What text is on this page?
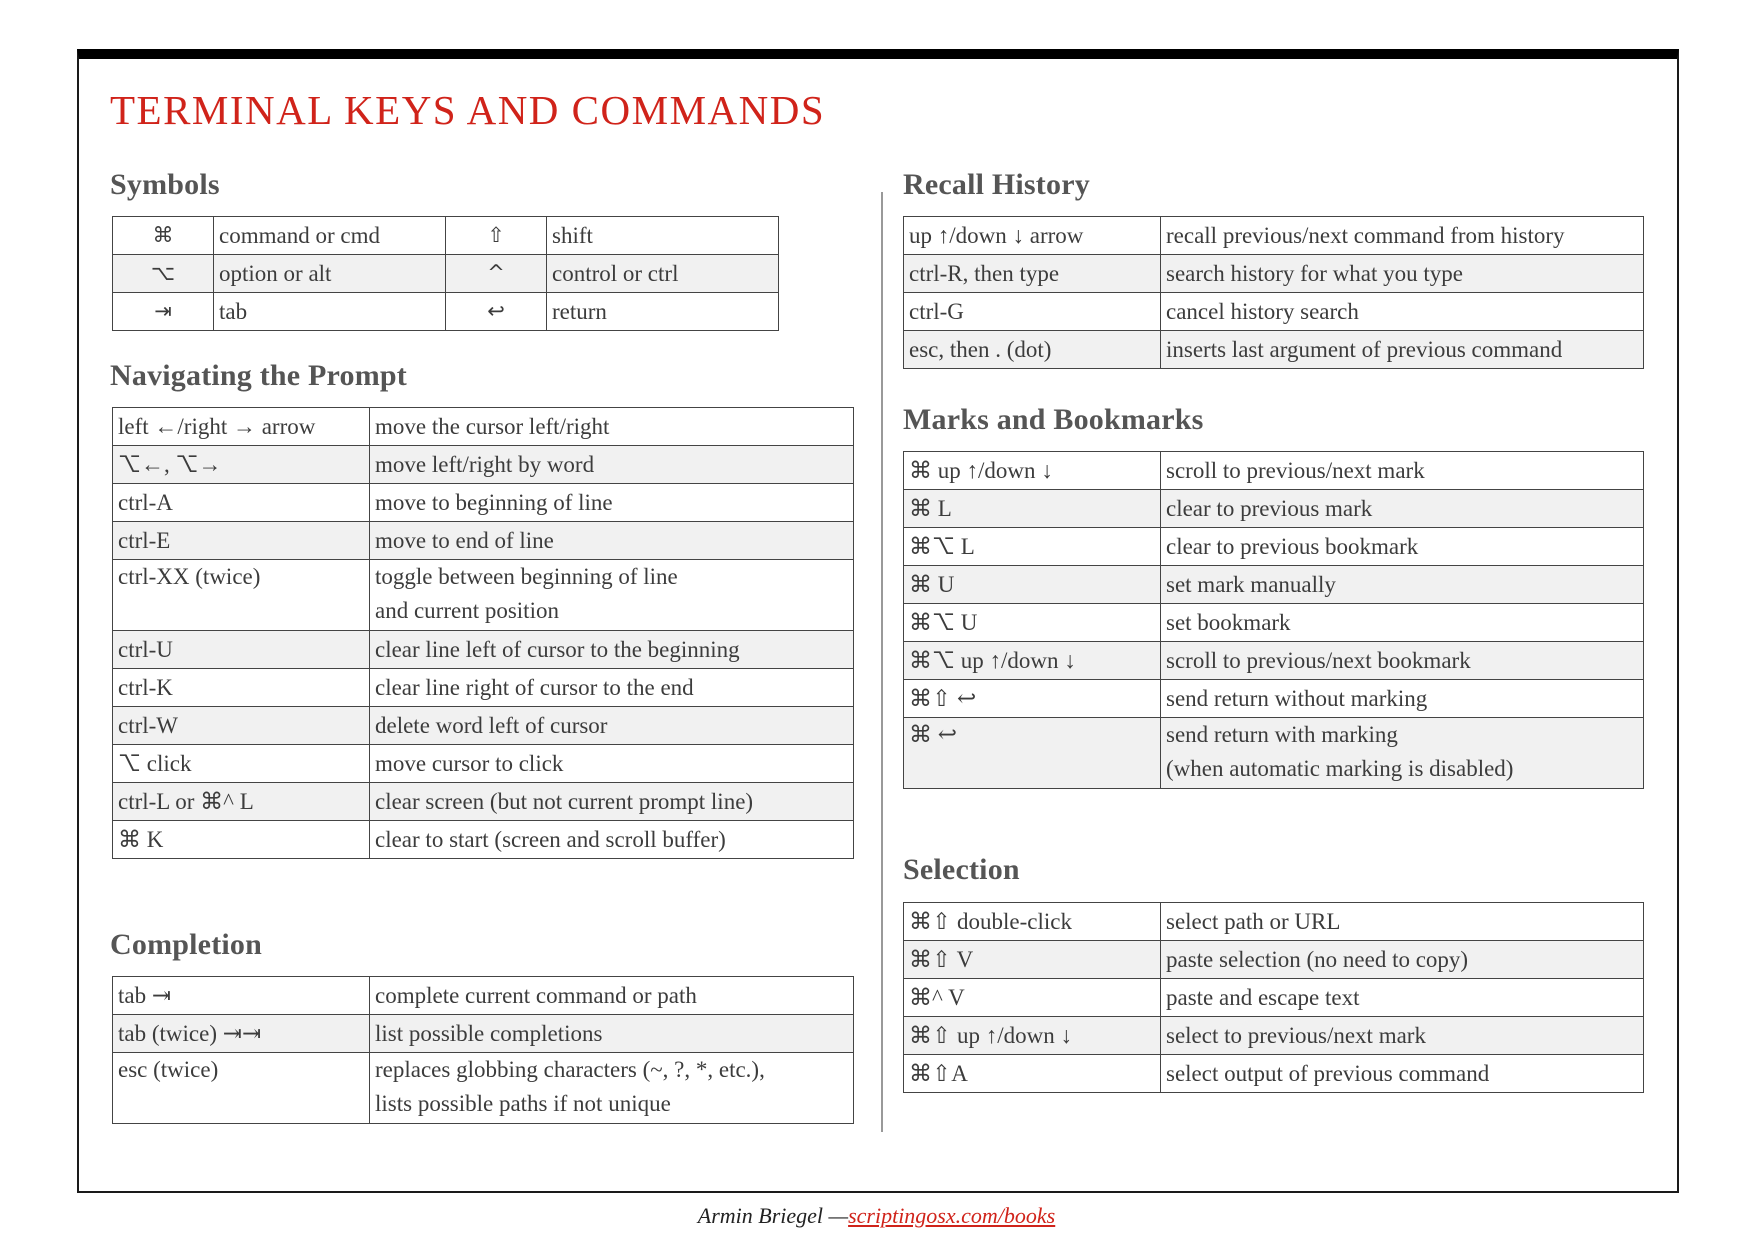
TERMINAL KEYS AND COMMANDS
Symbols
⌘	command or cmd	⇧	shift
⌥	option or alt	^	control or ctrl
⇥	tab	↩	return
Navigating the Prompt
left ←/right → arrow	move the cursor left/right
⌥←, ⌥→	move left/right by word
ctrl-A	move to beginning of line
ctrl-E	move to end of line
ctrl-XX (twice)	toggle between beginning of line
and current position
ctrl-U	clear line left of cursor to the beginning
ctrl-K	clear line right of cursor to the end
ctrl-W	delete word left of cursor
⌥ click	move cursor to click
ctrl-L or ⌘^ L	clear screen (but not current prompt line)
⌘ K	clear to start (screen and scroll buffer)
Completion
tab ⇥	complete current command or path
tab (twice) ⇥⇥	list possible completions
esc (twice)	replaces globbing characters (~, ?, *, etc.),
lists possible paths if not unique
Recall History
up ↑/down ↓ arrow	recall previous/next command from history
ctrl-R, then type	search history for what you type
ctrl-G	cancel history search
esc, then . (dot)	inserts last argument of previous command
Marks and Bookmarks
⌘ up ↑/down ↓	scroll to previous/next mark
⌘ L	clear to previous mark
⌘⌥ L	clear to previous bookmark
⌘ U	set mark manually
⌘⌥ U	set bookmark
⌘⌥ up ↑/down ↓	scroll to previous/next bookmark
⌘⇧ ↩	send return without marking
⌘ ↩	send return with marking
(when automatic marking is disabled)
Selection
⌘⇧ double-click	select path or URL
⌘⇧ V	paste selection (no need to copy)
⌘^ V	paste and escape text
⌘⇧ up ↑/down ↓	select to previous/next mark
⌘⇧A	select output of previous command
Armin Briegel —scriptingosx.com/books
